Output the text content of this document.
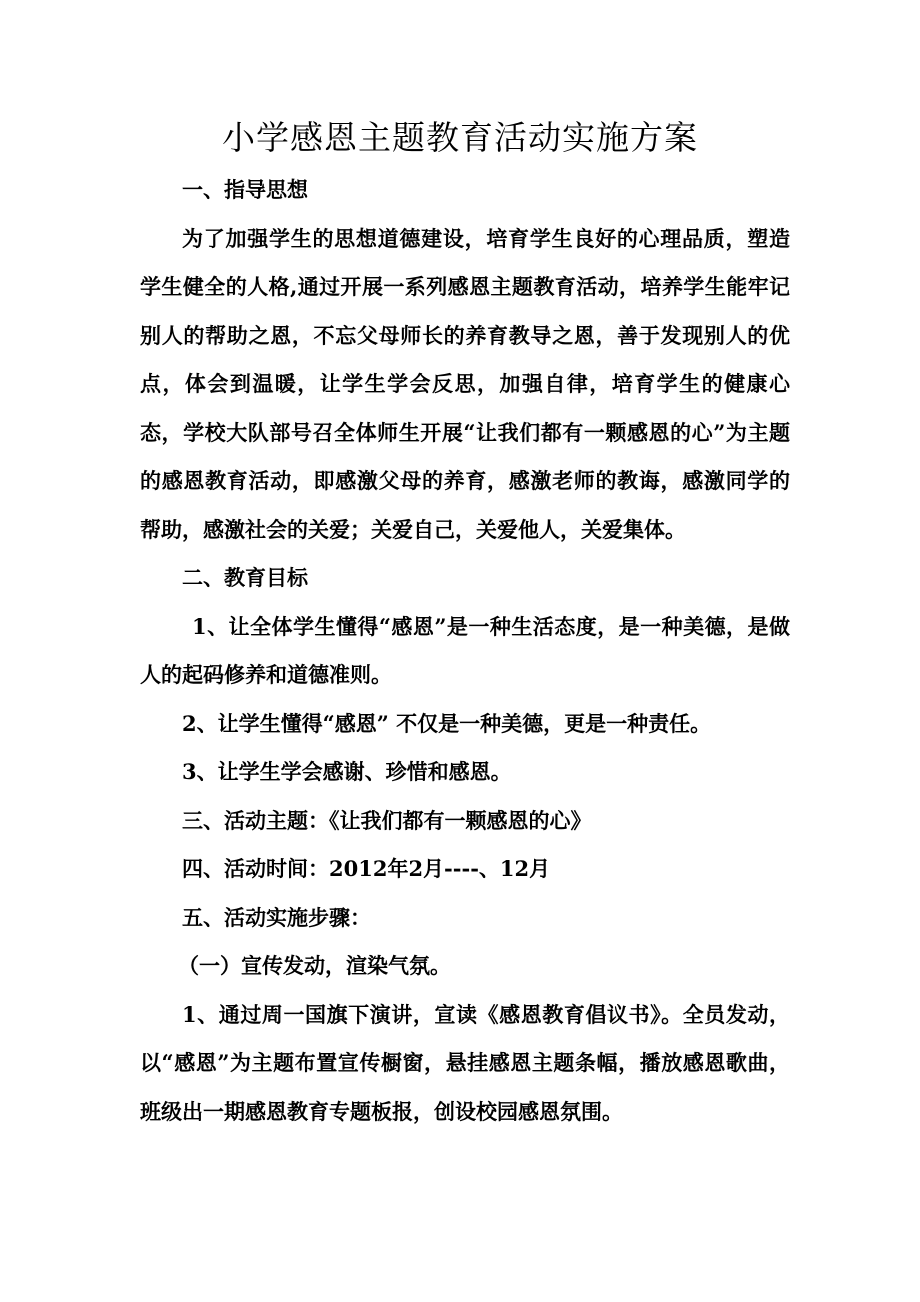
小学感恩主题教育活动实施方案

一、指导思想

为了加强学生的思想道德建设，培育学生良好的心理品质，塑造学生健全的人格,通过开展一系列感恩主题教育活动，培养学生能牢记别人的帮助之恩，不忘父母师长的养育教导之恩，善于发现别人的优点，体会到温暖，让学生学会反思，加强自律，培育学生的健康心态，学校大队部号召全体师生开展“让我们都有一颗感恩的心”为主题的感恩教育活动，即感激父母的养育，感激老师的教诲，感激同学的帮助，感激社会的关爱；关爱自己，关爱他人，关爱集体。

二、教育目标

1、让全体学生懂得“感恩”是一种生活态度，是一种美德，是做人的起码修养和道德准则。

2、让学生懂得“感恩” 不仅是一种美德，更是一种责任。

3、让学生学会感谢、珍惜和感恩。

三、活动主题：《让我们都有一颗感恩的心》

四、活动时间：2012年2月----、12月

五、活动实施步骤：

（一）宣传发动，渲染气氛。

1、通过周一国旗下演讲，宣读《感恩教育倡议书》。全员发动，以“感恩”为主题布置宣传橱窗，悬挂感恩主题条幅，播放感恩歌曲，班级出一期感恩教育专题板报，创设校园感恩氛围。
